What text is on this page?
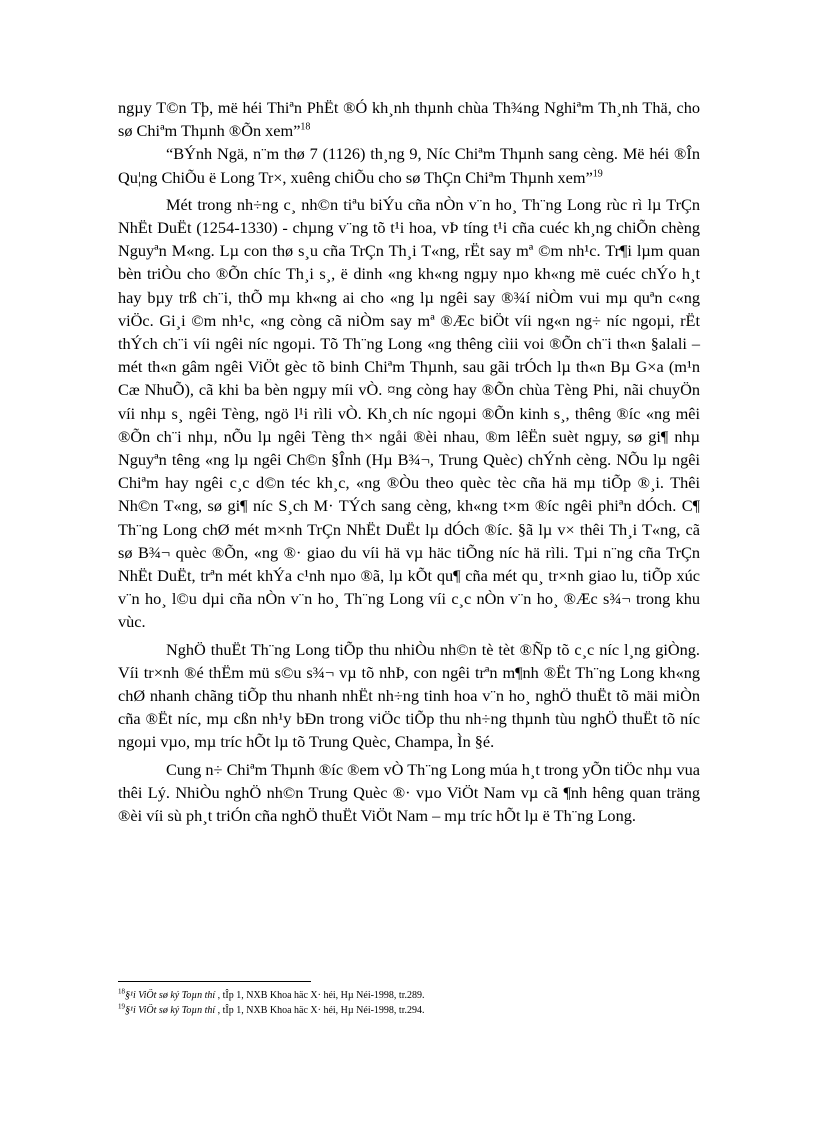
ngµy T©n Tþ, më héi Thiªn PhËt ®Ó kh¸nh thµnh chùa Th¾ng Nghiªm Th¸nh Thä, cho sø Chiªm Thµnh ®Õn xem”$^{18}$

“BÝnh Ngä, n¨m thø 7 (1126) th¸ng 9, Níc Chiªm Thµnh sang cèng. Më héi ®În Qu¦ng ChiÕu ë Long Tr×, xuêng chiÕu cho sø ThÇn Chiªm Thµnh xem”$^{19}$

Mét trong nh÷ng c¸ nh©n tiªu biÝu cña nÒn v¨n ho¸ Th¨ng Long rùc rì lµ TrÇn NhËt DuËt (1254-1330) - chµng v¨ng tõ t¹i hoa, vÞ tíng t¹i cña cuéc kh¸ng chiÕn chèng Nguyªn M«ng. Lµ con thø s¸u cña TrÇn Th¸i T«ng, rËt say mª ©m nh¹c. Tr¶i lµm quan bèn triÒu cho ®Õn chíc Th¸i s¸, ë dinh «ng kh«ng ngµy nµo kh«ng më cuéc chÝo h¸t hay bµy trß ch¨i, thÕ mµ kh«ng ai cho «ng lµ ngêi say ®¾í niÒm vui mµ quªn c«ng viÖc. Gi¸i ©m nh¹c, «ng còng cã niÒm say mª ®Æc biÖt víi ng«n ng÷ níc ngoµi, rËt thÝch ch¨i víi ngêi níc ngoµi. Tõ Th¨ng Long «ng thêng cìii voi ®Õn ch¨i th«n §alali – mét th«n gâm ngêi ViÖt gèc tõ binh Chiªm Thµnh, sau gãi trÓch lµ th«n Bµ G×a (m¹n Cæ NhuÕ), cã khi ba bèn ngµy míi vÒ. ¤ng còng hay ®Õn chùa Tèng Phi, nãi chuyÖn víi nhµ s¸ ngêi Tèng, ngö l¹i rìli vÒ. Kh¸ch níc ngoµi ®Õn kinh s¸, thêng ®íc «ng mêi ®Õn ch¨i nhµ, nÕu lµ ngêi Tèng th× ngåi ®èi nhau, ®m lêËn suèt ngµy, sø gi¶ nhµ Nguyªn têng «ng lµ ngêi Ch©n §Înh (Hµ B¾¬, Trung Quèc) chÝnh cèng. NÕu lµ ngêi Chiªm hay ngêi c¸c d©n téc kh¸c, «ng ®Òu theo quèc tèc cña hä mµ tiÕp ®¸i. Thêi Nh©n T«ng, sø gi¶ níc S¸ch M· TÝch sang cèng, kh«ng t×m ®íc ngêi phiªn dÓch. C¶ Th¨ng Long chØ mét m×nh TrÇn NhËt DuËt lµ dÓch ®íc. §ã lµ v× thêi Th¸i T«ng, cã sø B¾¬ quèc ®Õn, «ng ®· giao du víi hä vµ häc tiÕng níc hä rìli. Tµi n¨ng cña TrÇn NhËt DuËt, trªn mét khÝa c¹nh nµo ®ã, lµ kÕt qu¶ cña mét qu¸ tr×nh giao lu, tiÕp xúc v¨n ho¸ l©u dµi cña nÒn v¨n ho¸ Th¨ng Long víi c¸c nÒn v¨n ho¸ ®Æc s¾¬ trong khu vùc.

NghÖ thuËt Th¨ng Long tiÕp thu nhiÒu nh©n tè tèt ®Ñp tõ c¸c níc l¸ng giÒng. Víi tr×nh ®é thËm mü s©u s¾¬ vµ tõ nhÞ, con ngêi trªn m¶nh ®Ët Th¨ng Long kh«ng chØ nhanh chãng tiÕp thu nhanh nhËt nh÷ng tinh hoa v¨n ho¸ nghÖ thuËt tõ mäi miÒn cña ®Ët níc, mµ cßn nh¹y bÐn trong viÖc tiÕp thu nh÷ng thµnh tùu nghÖ thuËt tõ níc ngoµi vµo, mµ tríc hÕt lµ tõ Trung Quèc, Champa, Ìn §é.

Cung n÷ Chiªm Thµnh ®íc ®em vÒ Th¨ng Long múa h¸t trong yÕn tiÖc nhµ vua thêi Lý. NhiÒu nghÖ nh©n Trung Quèc ®· vµo ViÖt Nam vµ cã ¶nh hêng quan träng ®èi víi sù ph¸t triÓn cña nghÖ thuËt ViÖt Nam – mµ tríc hÕt lµ ë Th¨ng Long.

$^{18}$§¹i ViÖt sø ký Toµn thí , tÎp 1, NXB Khoa häc X· héi, Hµ Néi-1998, tr.289.
$^{19}$§¹i ViÖt sø ký Toµn thí , tÎp 1, NXB Khoa häc X· héi, Hµ Néi-1998, tr.294.
